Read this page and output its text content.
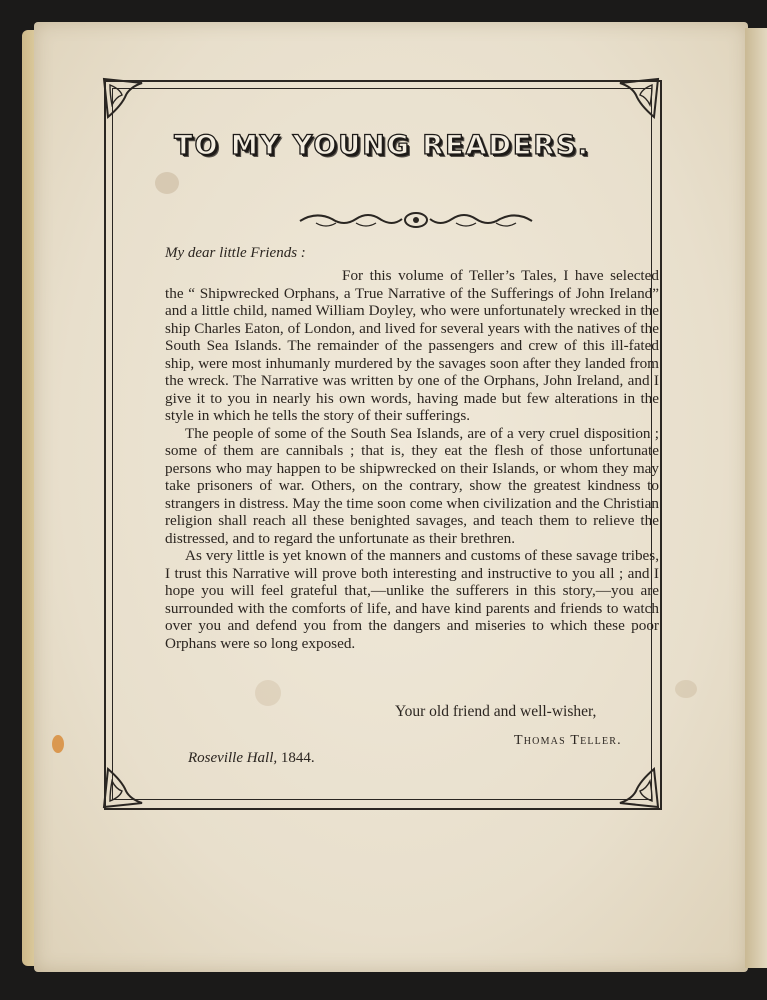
TO MY YOUNG READERS.
My dear little Friends :

For this volume of Teller’s Tales, I have selected the “ Shipwrecked Orphans, a True Narrative of the Sufferings of John Ireland” and a little child, named William Doyley, who were unfortunately wrecked in the ship Charles Eaton, of London, and lived for several years with the natives of the South Sea Islands. The remainder of the passengers and crew of this ill-fated ship, were most inhumanly murdered by the savages soon after they landed from the wreck. The Narrative was written by one of the Orphans, John Ireland, and I give it to you in nearly his own words, having made but few alterations in the style in which he tells the story of their sufferings.

The people of some of the South Sea Islands, are of a very cruel disposition ; some of them are cannibals ; that is, they eat the flesh of those unfortunate persons who may happen to be shipwrecked on their Islands, or whom they may take prisoners of war. Others, on the contrary, show the greatest kindness to strangers in distress. May the time soon come when civilization and the Christian religion shall reach all these benighted savages, and teach them to relieve the distressed, and to regard the unfortunate as their brethren.

As very little is yet known of the manners and customs of these savage tribes, I trust this Narrative will prove both interesting and instructive to you all ; and I hope you will feel grateful that,—unlike the sufferers in this story,—you are surrounded with the comforts of life, and have kind parents and friends to watch over you and defend you from the dangers and miseries to which these poor Orphans were so long exposed.

Your old friend and well-wisher,
Thomas Teller.
Roseville Hall, 1844.
